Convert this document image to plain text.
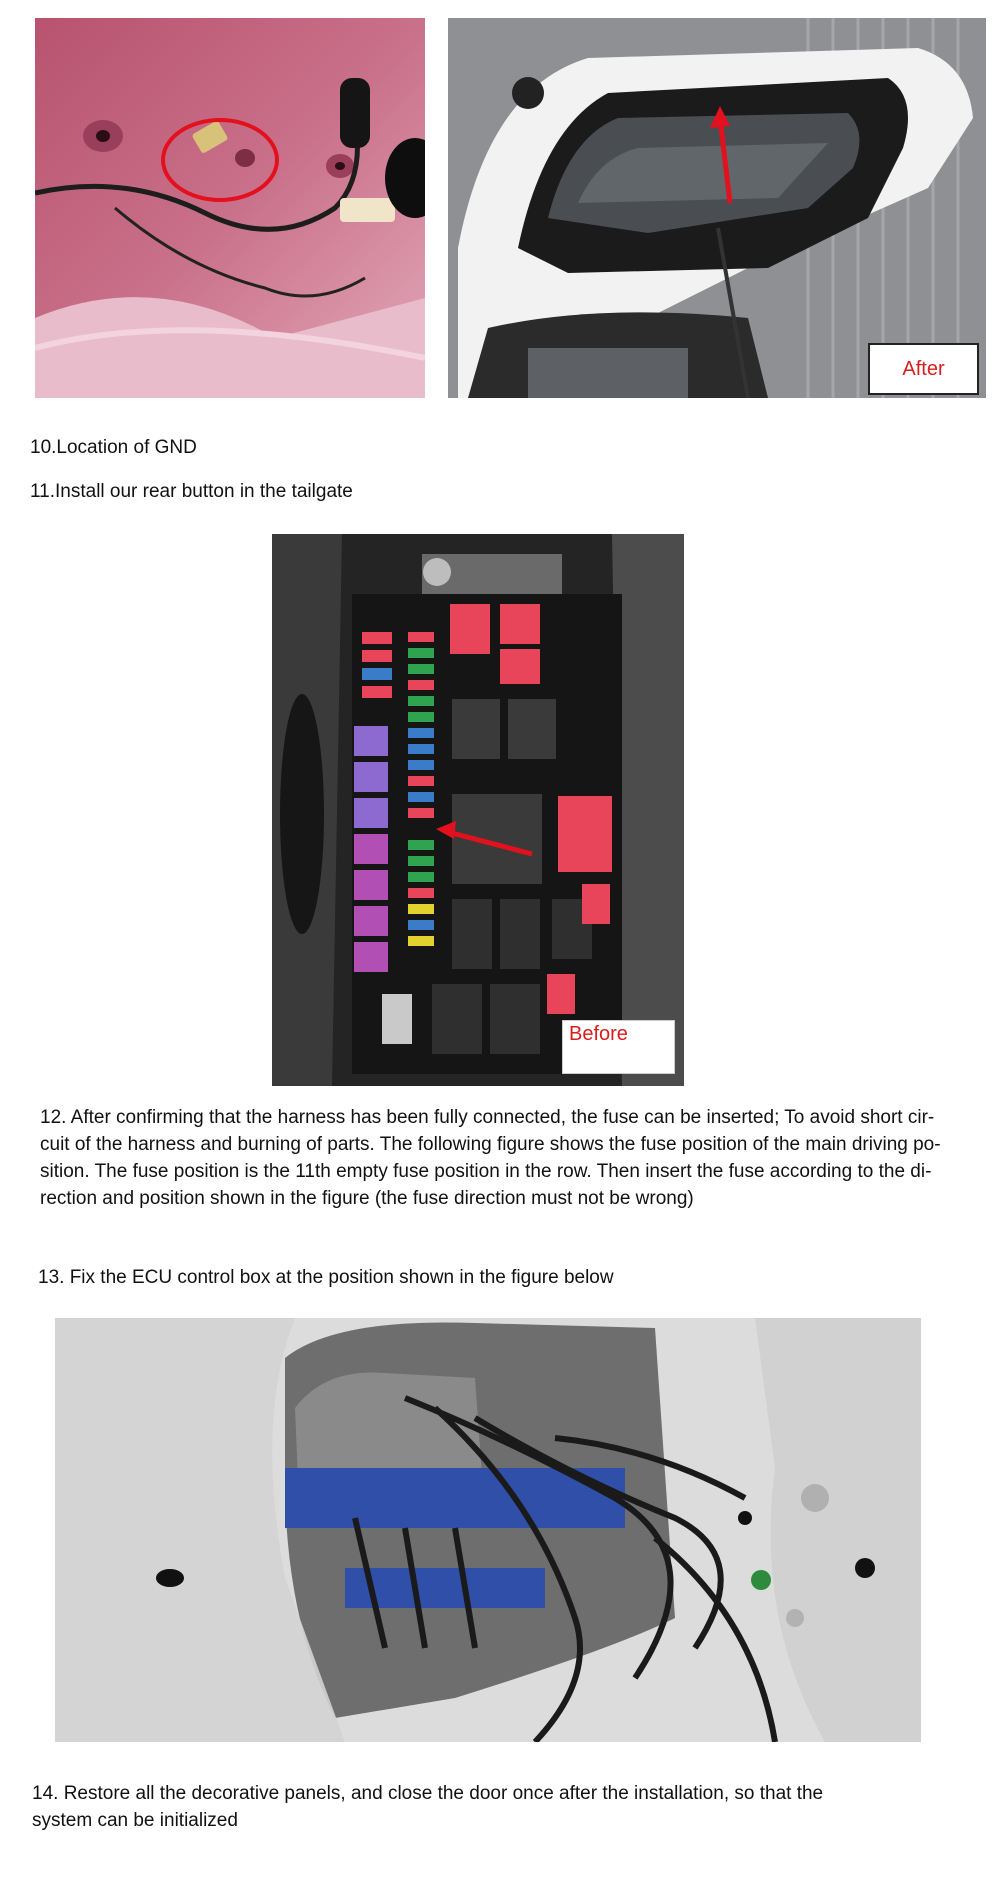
After
10.Location of GND
11.Install our rear button in the tailgate
Before
12. After confirming that the harness has been fully connected, the fuse can be inserted; To avoid short cir-
cuit of the harness and burning of parts. The following figure shows the fuse position of the main driving po-
sition. The fuse position is the 11th empty fuse position in the row. Then insert the fuse according to the di-
rection and position shown in the figure (the fuse direction must not be wrong)
13. Fix the ECU control box at the position shown in the figure below
14. Restore all the decorative panels, and close the door once after the installation, so that the
system can be initialized
